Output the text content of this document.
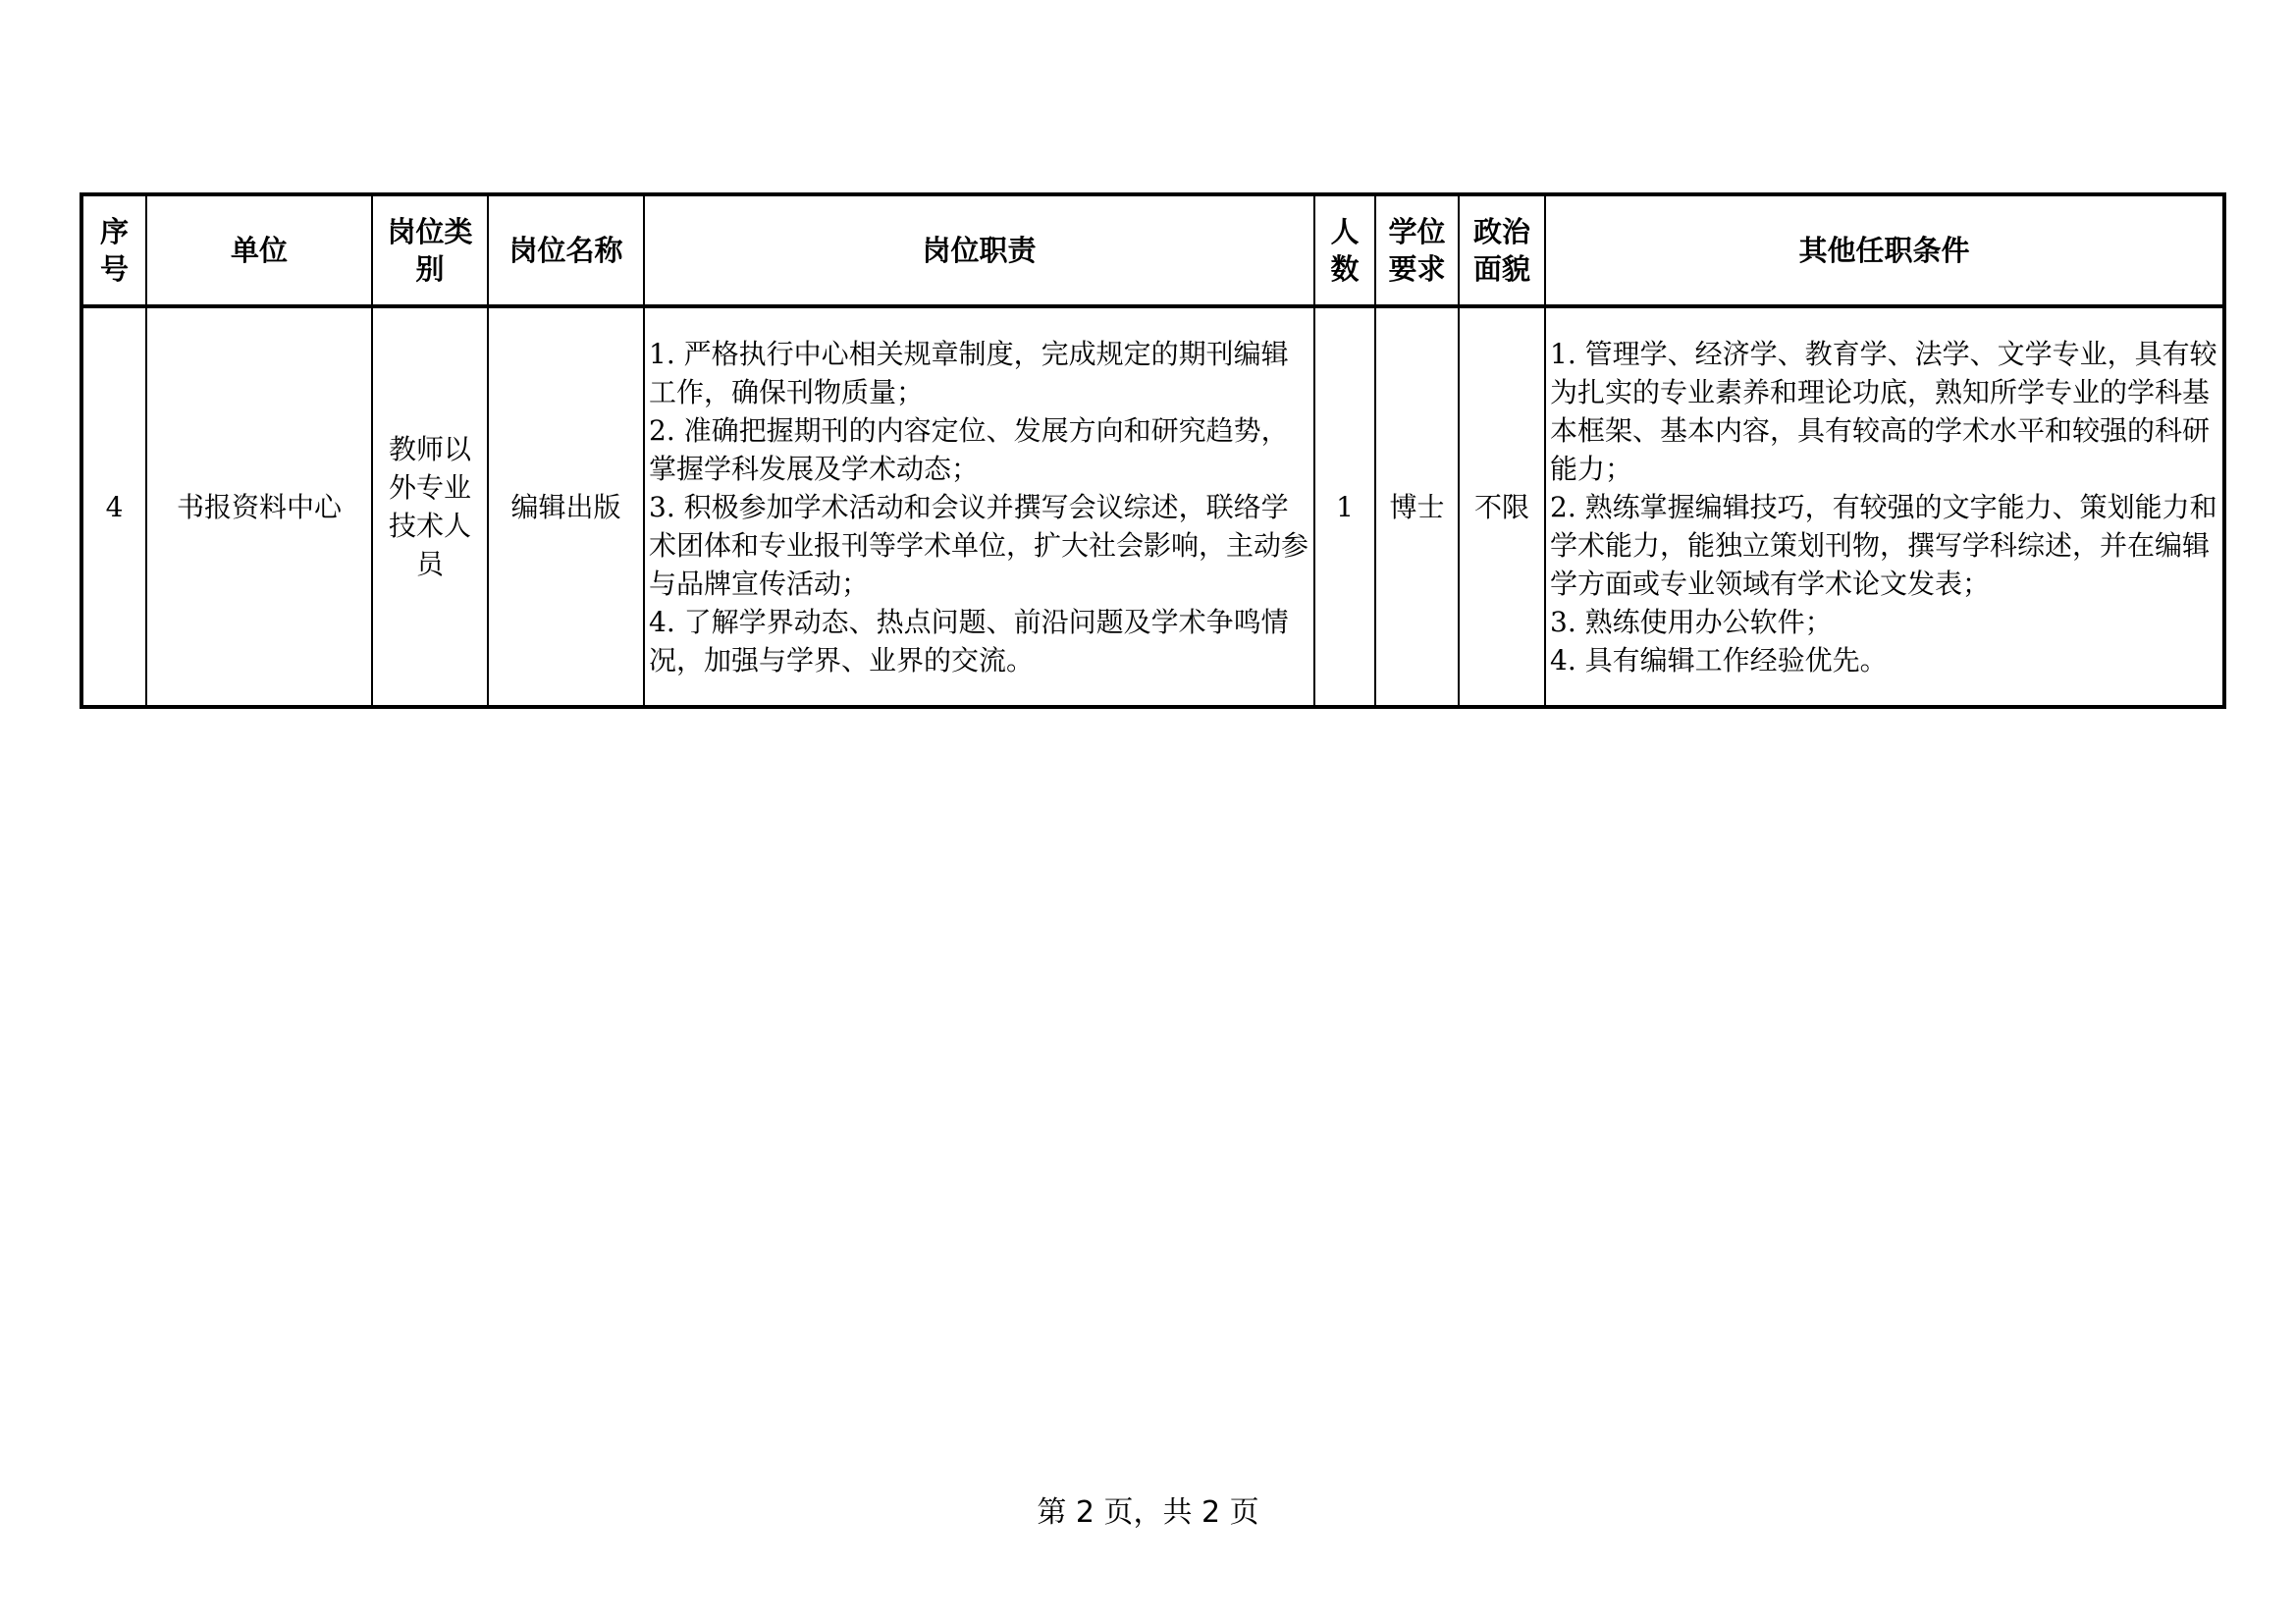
序号	单位	岗位类别	岗位名称	岗位职责	人数	学位要求	政治面貌	其他任职条件
4	书报资料中心	教师以外专业技术人员	编辑出版	1. 严格执行中心相关规章制度，完成规定的期刊编辑工作，确保刊物质量；
2. 准确把握期刊的内容定位、发展方向和研究趋势，掌握学科发展及学术动态；
3. 积极参加学术活动和会议并撰写会议综述，联络学术团体和专业报刊等学术单位，扩大社会影响，主动参与品牌宣传活动；
4. 了解学界动态、热点问题、前沿问题及学术争鸣情况，加强与学界、业界的交流。	1	博士	不限	1. 管理学、经济学、教育学、法学、文学专业，具有较为扎实的专业素养和理论功底，熟知所学专业的学科基本框架、基本内容，具有较高的学术水平和较强的科研能力；
2. 熟练掌握编辑技巧，有较强的文字能力、策划能力和学术能力，能独立策划刊物，撰写学科综述，并在编辑学方面或专业领域有学术论文发表；
3. 熟练使用办公软件；
4. 具有编辑工作经验优先。
第 2 页，共 2 页
